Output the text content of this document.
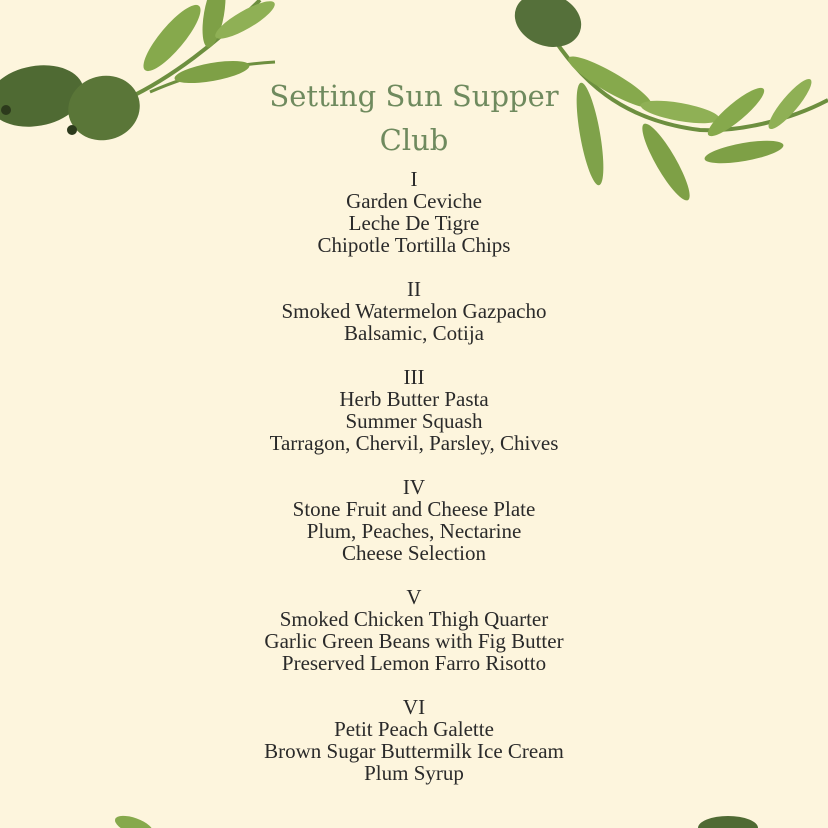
Setting Sun Supper
Club
I
Garden Ceviche
Leche De Tigre
Chipotle Tortilla Chips
II
Smoked Watermelon Gazpacho
Balsamic, Cotija
III
Herb Butter Pasta
Summer Squash
Tarragon, Chervil, Parsley, Chives
IV
Stone Fruit and Cheese Plate
Plum, Peaches, Nectarine
Cheese Selection
V
Smoked Chicken Thigh Quarter
Garlic Green Beans with Fig Butter
Preserved Lemon Farro Risotto
VI
Petit Peach Galette
Brown Sugar Buttermilk Ice Cream
Plum Syrup
